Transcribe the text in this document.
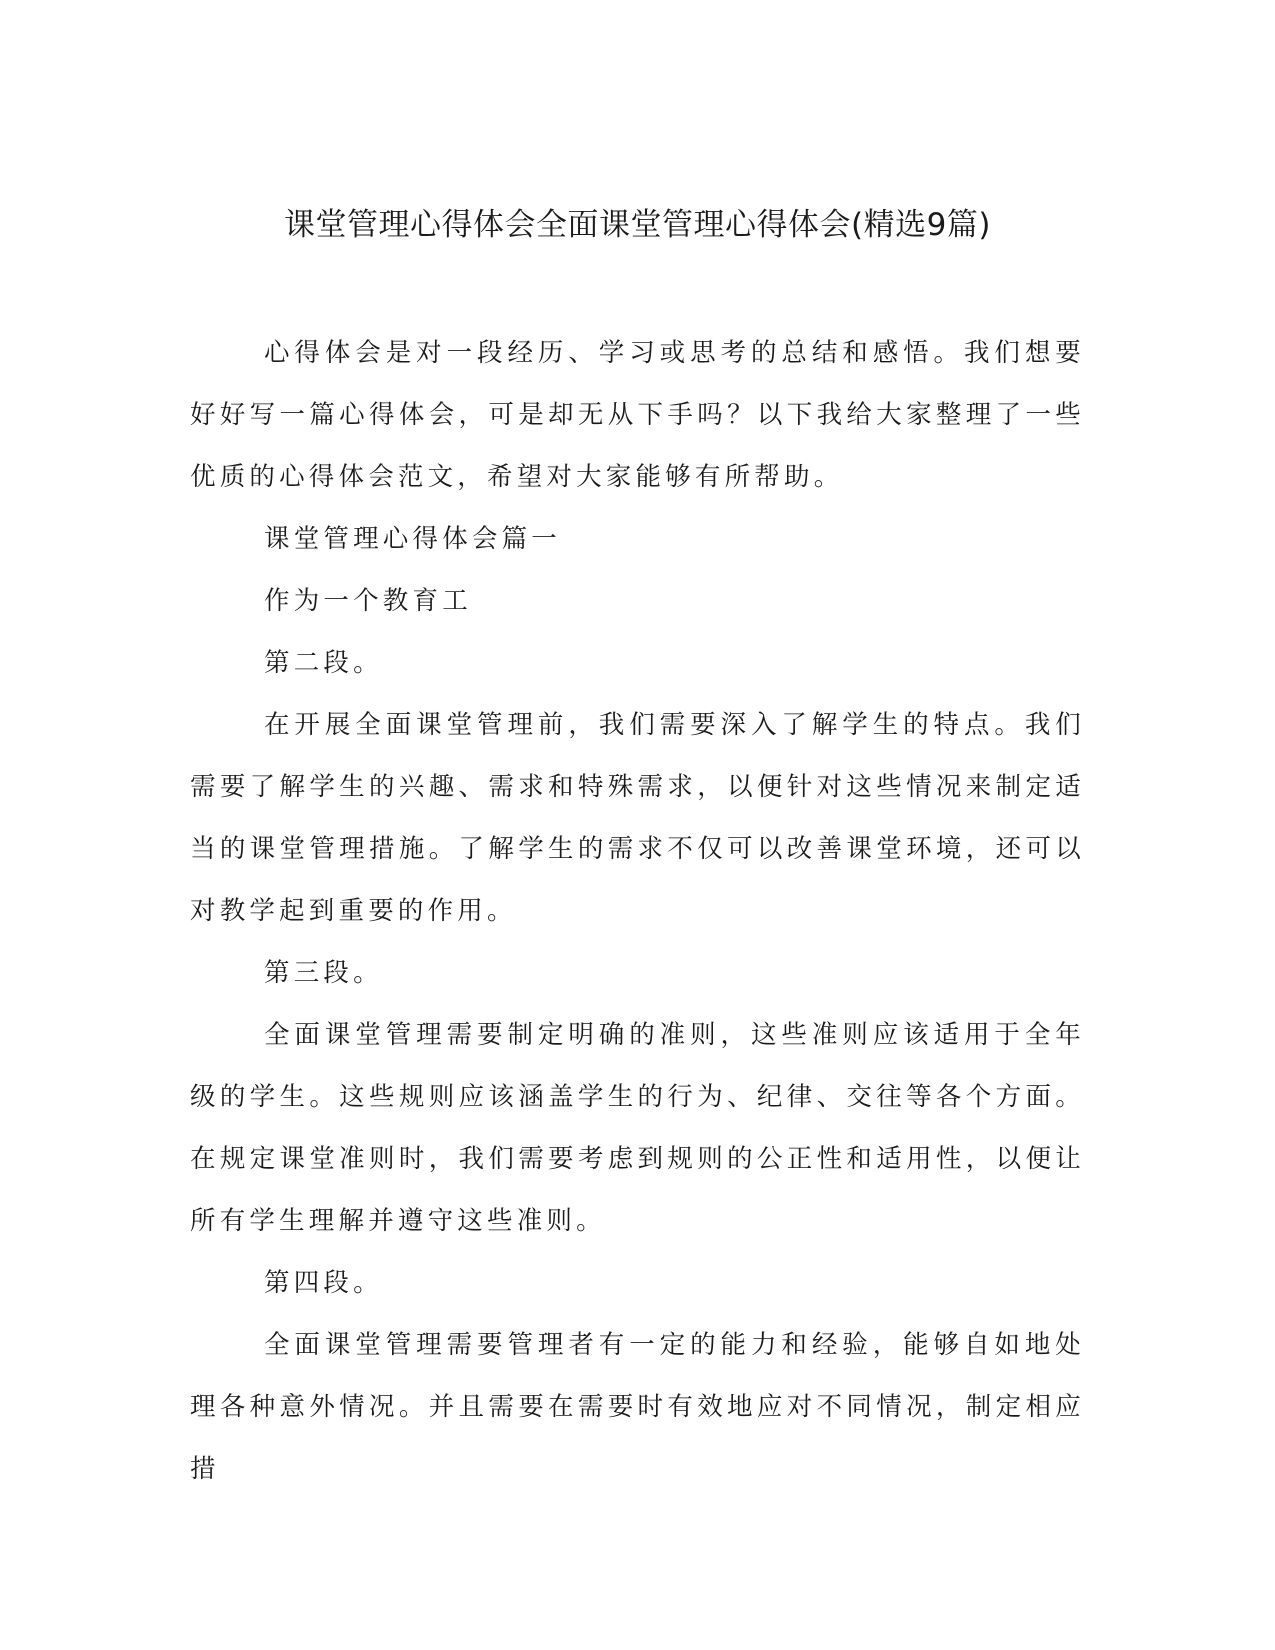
课堂管理心得体会全面课堂管理心得体会(精选9篇)

心得体会是对一段经历、学习或思考的总结和感悟。我们想要好好写一篇心得体会，可是却无从下手吗？以下我给大家整理了一些优质的心得体会范文，希望对大家能够有所帮助。

课堂管理心得体会篇一

作为一个教育工

第二段。

在开展全面课堂管理前，我们需要深入了解学生的特点。我们需要了解学生的兴趣、需求和特殊需求，以便针对这些情况来制定适当的课堂管理措施。了解学生的需求不仅可以改善课堂环境，还可以对教学起到重要的作用。

第三段。

全面课堂管理需要制定明确的准则，这些准则应该适用于全年级的学生。这些规则应该涵盖学生的行为、纪律、交往等各个方面。在规定课堂准则时，我们需要考虑到规则的公正性和适用性，以便让所有学生理解并遵守这些准则。

第四段。

全面课堂管理需要管理者有一定的能力和经验，能够自如地处理各种意外情况。并且需要在需要时有效地应对不同情况，制定相应措
